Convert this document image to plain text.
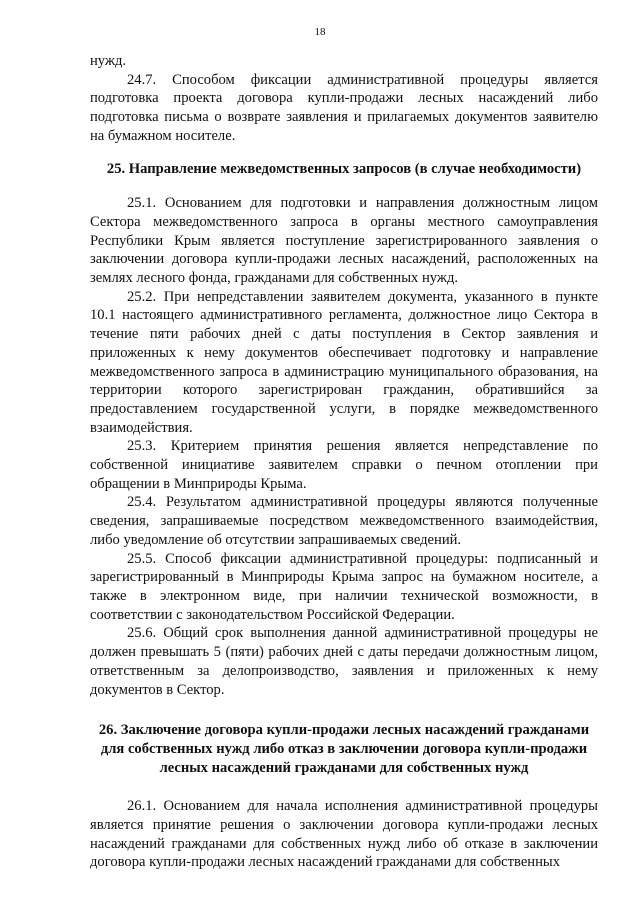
18

нужд.

24.7. Способом фиксации административной процедуры является подготовка проекта договора купли-продажи лесных насаждений либо подготовка письма о возврате заявления и прилагаемых документов заявителю на бумажном носителе.

25. Направление межведомственных запросов (в случае необходимости)

25.1. Основанием для подготовки и направления должностным лицом Сектора межведомственного запроса в органы местного самоуправления Республики Крым является поступление зарегистрированного заявления о заключении договора купли-продажи лесных насаждений, расположенных на землях лесного фонда, гражданами для собственных нужд.

25.2. При непредставлении заявителем документа, указанного в пункте 10.1 настоящего административного регламента, должностное лицо Сектора в течение пяти рабочих дней с даты поступления в Сектор заявления и приложенных к нему документов обеспечивает подготовку и направление межведомственного запроса в администрацию муниципального образования, на территории которого зарегистрирован гражданин, обратившийся за предоставлением государственной услуги, в порядке межведомственного взаимодействия.

25.3. Критерием принятия решения является непредставление по собственной инициативе заявителем справки о печном отоплении при обращении в Минприроды Крыма.

25.4. Результатом административной процедуры являются полученные сведения, запрашиваемые посредством межведомственного взаимодействия, либо уведомление об отсутствии запрашиваемых сведений.

25.5. Способ фиксации административной процедуры: подписанный и зарегистрированный в Минприроды Крыма запрос на бумажном носителе, а также в электронном виде, при наличии технической возможности, в соответствии с законодательством Российской Федерации.

25.6. Общий срок выполнения данной административной процедуры не должен превышать 5 (пяти) рабочих дней с даты передачи должностным лицом, ответственным за делопроизводство, заявления и приложенных к нему документов в Сектор.

26. Заключение договора купли-продажи лесных насаждений гражданами для собственных нужд либо отказ в заключении договора купли-продажи лесных насаждений гражданами для собственных нужд

26.1. Основанием для начала исполнения административной процедуры является принятие решения о заключении договора купли-продажи лесных насаждений гражданами для собственных нужд либо об отказе в заключении договора купли-продажи лесных насаждений гражданами для собственных
